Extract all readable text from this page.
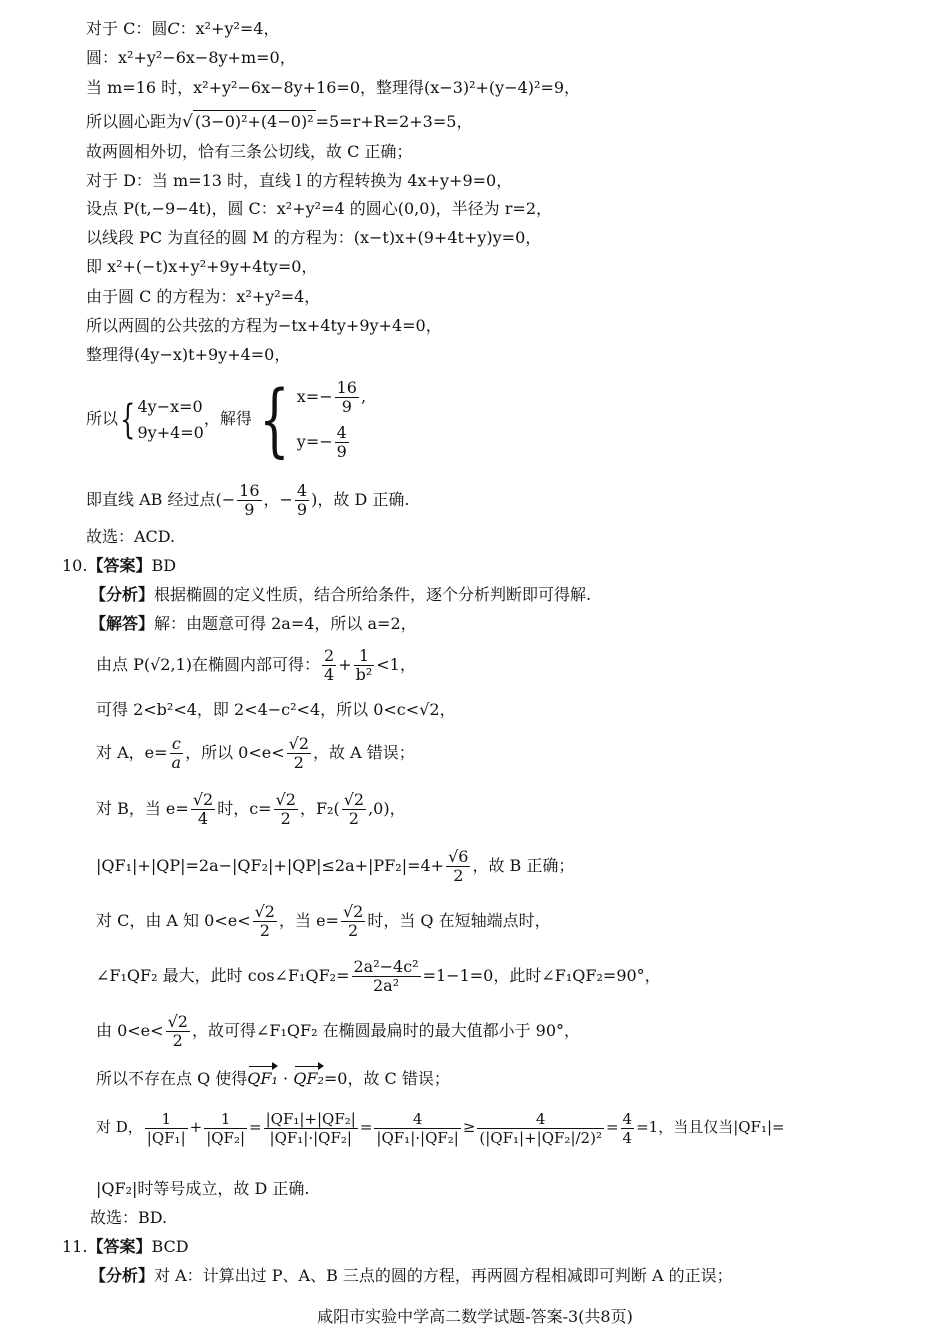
对于 C：圆C：x²+y²=4，
圆：x²+y²−6x−8y+m=0，
当 m=16 时，x²+y²−6x−8y+16=0，整理得(x−3)²+(y−4)²=9，
所以圆心距为√ (3−0)²+(4−0)² =5=r+R=2+3=5，
故两圆相外切，恰有三条公切线，故 C 正确；
对于 D：当 m=13 时，直线 l 的方程转换为 4x+y+9=0，
设点 P(t,−9−4t)，圆 C：x²+y²=4 的圆心(0,0)，半径为 r=2，
以线段 PC 为直径的圆 M 的方程为：(x−t)x+(9+4t+y)y=0，
即 x²+(−t)x+y²+9y+4ty=0，
由于圆 C 的方程为：x²+y²=4，
所以两圆的公共弦的方程为−tx+4ty+9y+4=0，
整理得(4y−x)t+9y+4=0，
所以{ 4y−x=0
9y+4=0
，解得{ $x=- \frac{16}{9}$ ,
$y=- \frac{4}{9}$
即直线 AB 经过点(− $\frac{16}{9}$ ，− $\frac{4}{9}$ )，故 D 正确.
故选：ACD.
10.【答案】BD
【分析】根据椭圆的定义性质，结合所给条件，逐个分析判断即可得解.
【解答】解：由题意可得 2a=4，所以 a=2，
由点 P(√2,1)在椭圆内部可得： $\frac{2}{4} + \frac{1}{\text{b²}} <1$，
可得 2<b²<4，即 2<4−c²<4，所以 0<c<√2，
对 A，$e= \frac{c}{a}$ ，所以 $0<e< \frac{√2}{2}$ ，故 A 错误；
对 B，当 $e= \frac{√2}{4}$ 时，$c= \frac{√2}{2}$ ，$F_2( \frac{√2}{2} ,0)$，
$|QF_1|+|QP|=2a-|QF_2|+|QP|\le 2a+|PF_2|=4+ \frac{√6}{2}$ ，故 B 正确；
对 C，由 A 知 $0<e< \frac{√2}{2}$ ，当 $e= \frac{√2}{2}$ 时，当 Q 在短轴端点时，
∠F₁QF₂ 最大，此时 cos∠F₁QF₂= $\frac{\text{2a²−4c²}}{\text{2a²}} =1-1=0$，此时∠F₁QF₂=90°，
由 $0<e< \frac{√2}{2}$ ，故可得∠F₁QF₂ 在椭圆最扁时的最大值都小于 90°，
所以不存在点 Q 使得QF₁ · QF₂=0，故 C 错误；
对 D， $\frac{1}{\text{|QF₁|}} + \frac{1}{\text{|QF₂|}} = \frac{\text{|QF₁|+|QF₂|}}{\text{|QF₁|·|QF₂|}} = \frac{4}{\text{|QF₁|·|QF₂|}} \ge \frac{4}{\text{(|QF₁|+|QF₂|/2)²}} = \frac{4}{4} =1$，当且仅当|QF₁|=
|QF₂|时等号成立，故 D 正确.
故选：BD.
11.【答案】BCD
【分析】对 A：计算出过 P、A、B 三点的圆的方程，再两圆方程相减即可判断 A 的正误；
咸阳市实验中学高二数学试题-答案-3(共8页)
